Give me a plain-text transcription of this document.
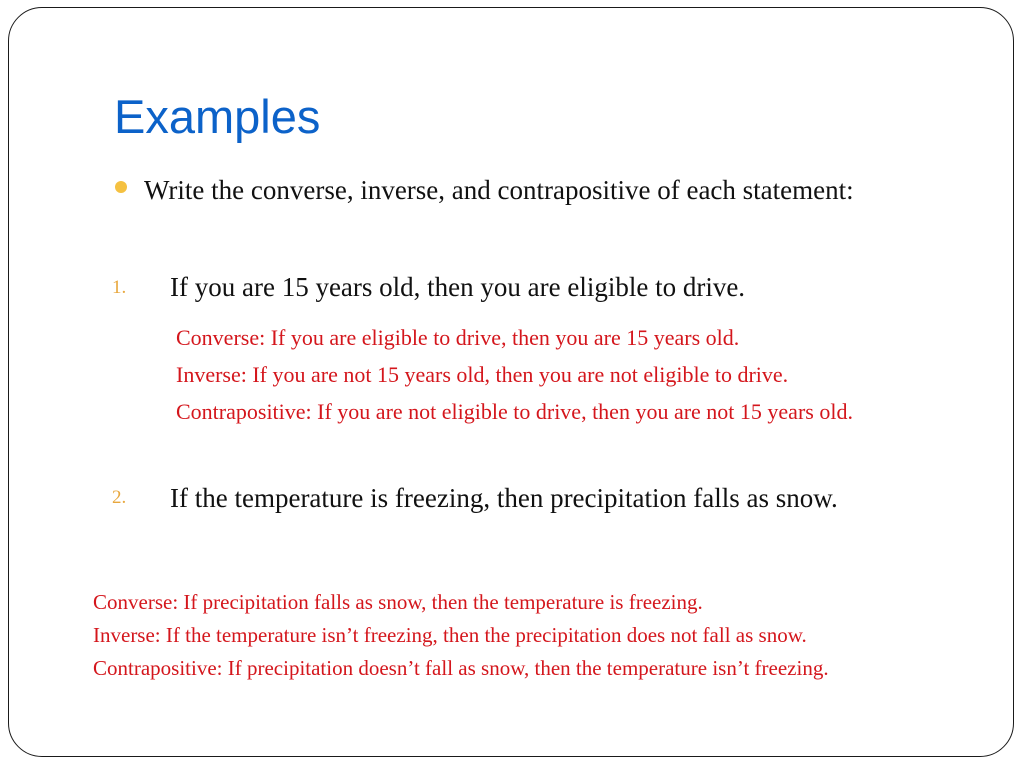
Examples
Write the converse, inverse, and contrapositive of each statement:
1. If you are 15 years old, then you are eligible to drive.
Converse: If you are eligible to drive, then you are 15 years old.
Inverse: If you are not 15 years old, then you are not eligible to drive.
Contrapositive: If you are not eligible to drive, then you are not 15 years old.
2. If the temperature is freezing, then precipitation falls as snow.
Converse: If precipitation falls as snow, then the temperature is freezing.
Inverse: If the temperature isn’t freezing, then the precipitation does not fall as snow.
Contrapositive: If precipitation doesn’t fall as snow, then the temperature isn’t freezing.
